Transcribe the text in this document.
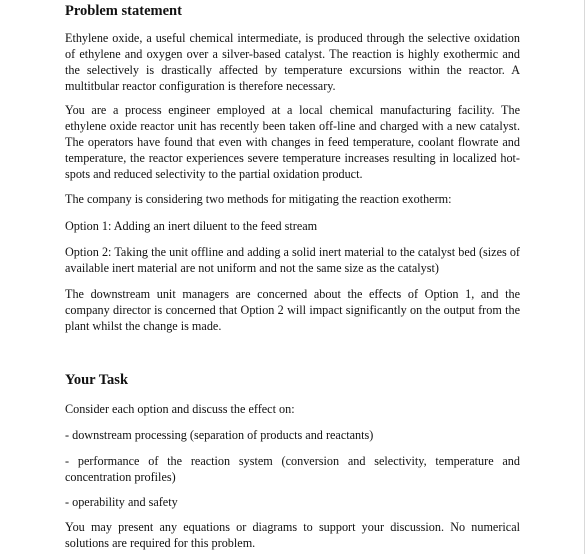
Problem statement

Ethylene oxide, a useful chemical intermediate, is produced through the selective oxidation of ethylene and oxygen over a silver-based catalyst. The reaction is highly exothermic and the selectively is drastically affected by temperature excursions within the reactor. A multitbular reactor configuration is therefore necessary.

You are a process engineer employed at a local chemical manufacturing facility. The ethylene oxide reactor unit has recently been taken off-line and charged with a new catalyst. The operators have found that even with changes in feed temperature, coolant flowrate and temperature, the reactor experiences severe temperature increases resulting in localized hot-spots and reduced selectivity to the partial oxidation product.

The company is considering two methods for mitigating the reaction exotherm:

Option 1: Adding an inert diluent to the feed stream

Option 2: Taking the unit offline and adding a solid inert material to the catalyst bed (sizes of available inert material are not uniform and not the same size as the catalyst)

The downstream unit managers are concerned about the effects of Option 1, and the company director is concerned that Option 2 will impact significantly on the output from the plant whilst the change is made.

Your Task

Consider each option and discuss the effect on:

- downstream processing (separation of products and reactants)

- performance of the reaction system (conversion and selectivity, temperature and concentration profiles)

- operability and safety

You may present any equations or diagrams to support your discussion. No numerical solutions are required for this problem.
